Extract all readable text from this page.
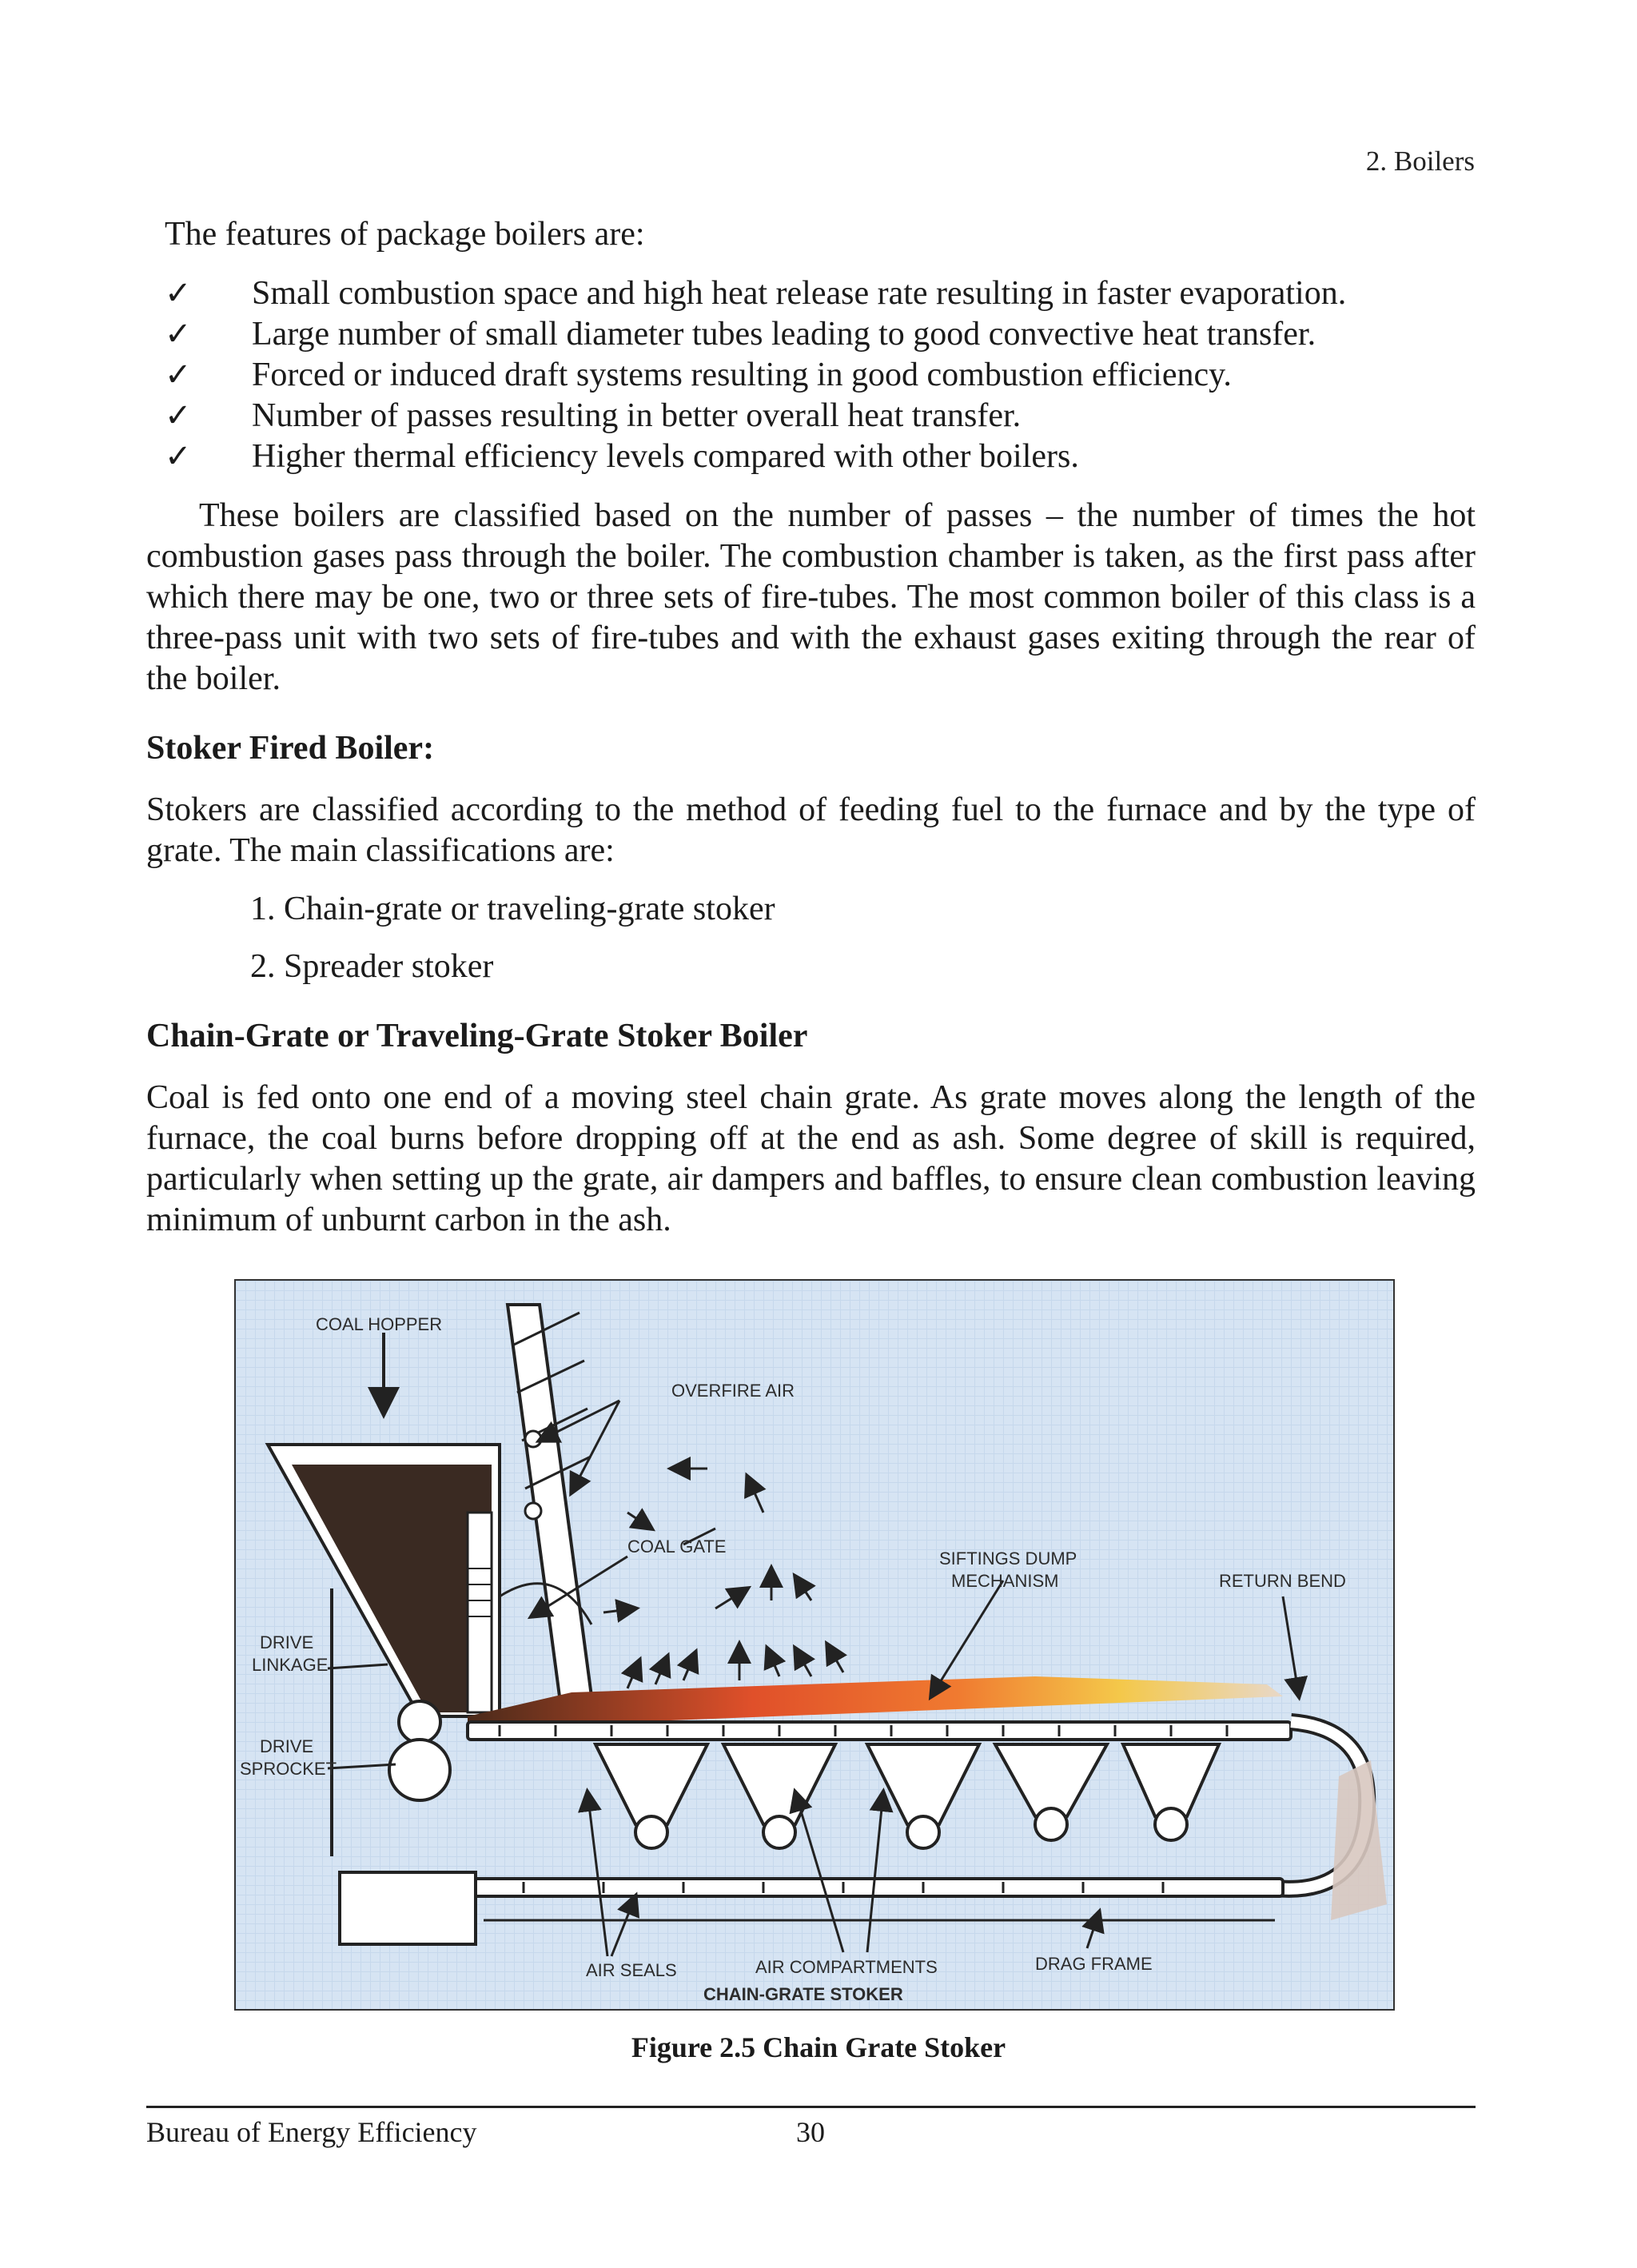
2. Boilers
The features of package boilers are:
✓	Small combustion space and high heat release rate resulting in faster evaporation.
✓	Large number of small diameter tubes leading to good convective heat transfer.
✓	Forced or induced draft systems resulting in good combustion efficiency.
✓	Number of passes resulting in better overall heat transfer.
✓	Higher thermal efficiency levels compared with other boilers.

These boilers are classified based on the number of passes – the number of times the hot combustion gases pass through the boiler. The combustion chamber is taken, as the first pass after which there may be one, two or three sets of fire-tubes. The most common boiler of this class is a three-pass unit with two sets of fire-tubes and with the exhaust gases exiting through the rear of the boiler.

Stoker Fired Boiler:

Stokers are classified according to the method of feeding fuel to the furnace and by the type of grate. The main classifications are:

1. Chain-grate or traveling-grate stoker
2. Spreader stoker
Chain-Grate or Traveling-Grate Stoker Boiler

Coal is fed onto one end of a moving steel chain grate. As grate moves along the length of the furnace, the coal burns before dropping off at the end as ash. Some degree of skill is required, particularly when setting up the grate, air dampers and baffles, to ensure clean combustion leaving minimum of unburnt carbon in the ash.

COAL HOPPER
OVERFIRE AIR
COAL GATE
SIFTINGS DUMP
MECHANISM	RETURN BEND
DRIVE
LINKAGE
DRIVE
SPROCKET
AIR SEALS	AIR COMPARTMENTS	DRAG FRAME
CHAIN-GRATE STOKER
Figure 2.5 Chain Grate Stoker
Bureau of Energy Efficiency	30
